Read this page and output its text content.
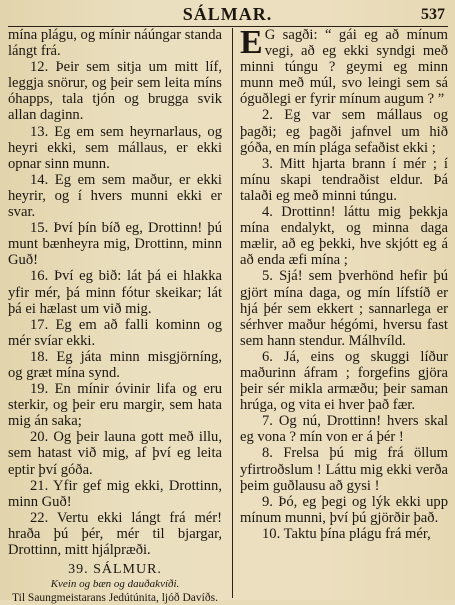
SÁLMAR.	537

mína plágu, og mínir náúngar standa lángt frá.

12. Þeir sem sitja um mitt líf, leggja snörur, og þeir sem leita míns óhapps, tala tjón og brugga svik allan daginn.

13. Eg em sem heyrnarlaus, og heyri ekki, sem mállaus, er ekki opnar sinn munn.

14. Eg em sem maður, er ekki heyrir, og í hvers munni ekki er svar.

15. Því þín bíð eg, Drottinn! þú munt bænheyra mig, Drottinn, minn Guð!

16. Því eg bið: lát þá ei hlakka yfir mér, þá minn fótur skeikar; lát þá ei hælast um við mig.

17. Eg em að falli kominn og mér svíar ekki.

18. Eg játa minn misgjörníng, og græt mína synd.

19. En mínir óvinir lifa og eru sterkir, og þeir eru margir, sem hata mig án saka;

20. Og þeir launa gott með illu, sem hatast við mig, af því eg leita eptir því góða.

21. Yfir gef mig ekki, Drottinn, minn Guð!

22. Vertu ekki lángt frá mér! hraða þú þér, mér til bjargar, Drottinn, mitt hjálpræði.

39. SÁLMUR.
Kvein og bæn og dauðakvíði.
Til Saungmeistarans Jedútúnita, ljóð Davíðs.

E G sagði: “ gái eg að mínum vegi, að eg ekki syndgi með minni túngu ? geymi eg minn munn með múl, svo leingi sem sá óguðlegi er fyrir mínum augum ? ”

2. Eg var sem mállaus og þagði; eg þagði jafnvel um hið góða, en mín plága sefaðist ekki ;

3. Mitt hjarta brann í mér ; í mínu skapi tendraðist eldur. Þá talaði eg með minni túngu.

4. Drottinn! láttu mig þekkja mína endalykt, og minna daga mælir, að eg þekki, hve skjótt eg á að enda æfi mína ;

5. Sjá! sem þverhönd hefir þú gjört mína daga, og mín lífstíð er hjá þér sem ekkert ; sannarlega er sérhver maður hégómi, hversu fast sem hann stendur. Málhvíld.

6. Já, eins og skuggi líður maðurinn áfram ; forgefins gjöra þeir sér mikla armæðu; þeir saman hrúga, og vita ei hver það fær.

7. Og nú, Drottinn! hvers skal eg vona ? mín von er á þér !

8. Frelsa þú mig frá öllum yfirtroðslum ! Láttu mig ekki verða þeim guðlausu að gysi !

9. Þó, eg þegi og lýk ekki upp mínum munni, því þú gjörðir það.

10. Taktu þína plágu frá mér,
